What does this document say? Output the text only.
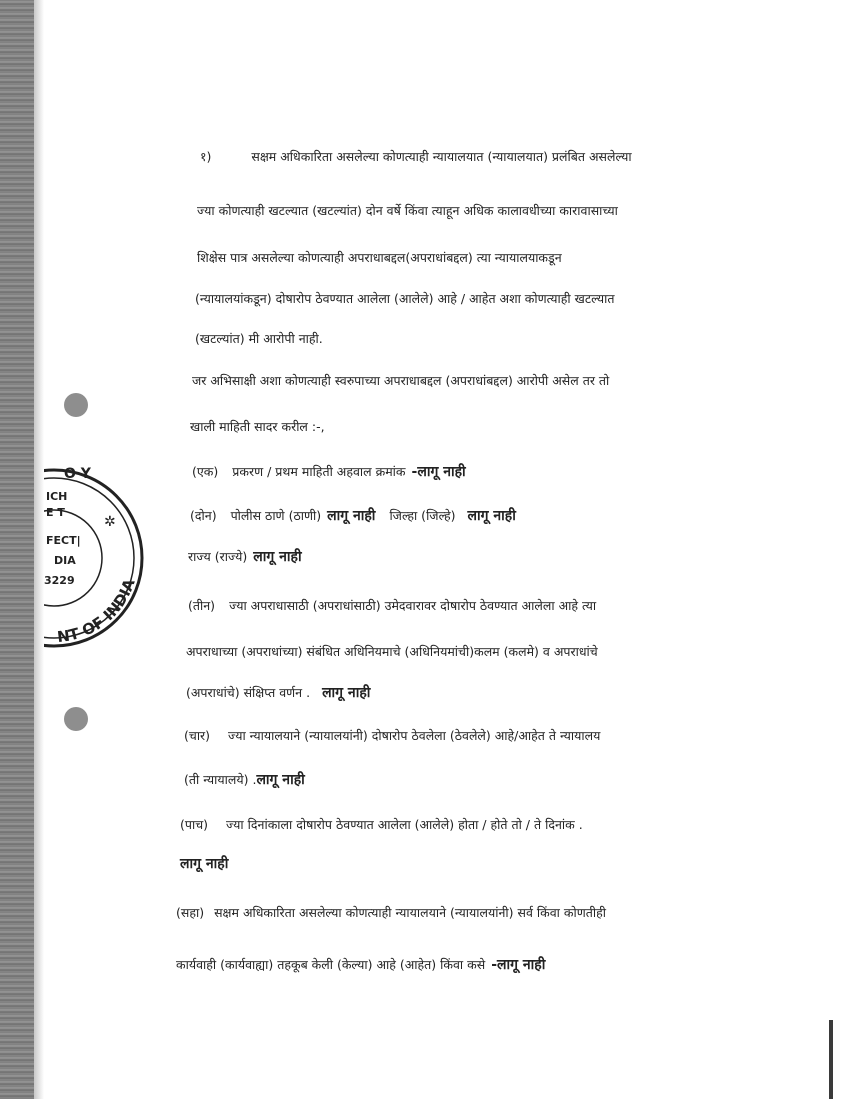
O Y
ICH
E T
FECT|
DIA
3229
✲
NT OF INDIA
१)	सक्षम अधिकारिता असलेल्या कोणत्याही न्यायालयात (न्यायालयात) प्रलंबित असलेल्या
ज्या कोणत्याही खटल्यात (खटल्यांत) दोन वर्षे किंवा त्याहून अधिक कालावधीच्या कारावासाच्या
शिक्षेस पात्र असलेल्या कोणत्याही अपराधाबद्दल(अपराधांबद्दल) त्या न्यायालयाकडून
(न्यायालयांकडून) दोषारोप ठेवण्यात आलेला (आलेले) आहे / आहेत अशा कोणत्याही खटल्यात
(खटल्यांत) मी आरोपी नाही.
जर अभिसाक्षी अशा कोणत्याही स्वरुपाच्या अपराधाबद्दल (अपराधांबद्दल) आरोपी असेल तर तो
खाली माहिती सादर करील :-,
(एक) प्रकरण / प्रथम माहिती अहवाल क्रमांक -लागू नाही
(दोन) पोलीस ठाणे (ठाणी) लागू नाही जिल्हा (जिल्हे) लागू नाही
राज्य (राज्ये) लागू नाही
(तीन) ज्या अपराधासाठी (अपराधांसाठी) उमेदवारावर दोषारोप ठेवण्यात आलेला आहे त्या
अपराधाच्या (अपराधांच्या) संबंधित अधिनियमाचे (अधिनियमांची)कलम (कलमे) व अपराधांचे
(अपराधांचे) संक्षिप्त वर्णन . लागू नाही
(चार) ज्या न्यायालयाने (न्यायालयांनी) दोषारोप ठेवलेला (ठेवलेले) आहे/आहेत ते न्यायालय
(ती न्यायालये) .लागू नाही
(पाच) ज्या दिनांकाला दोषारोप ठेवण्यात आलेला (आलेले) होता / होते तो / ते दिनांक .
लागू नाही
(सहा) सक्षम अधिकारिता असलेल्या कोणत्याही न्यायालयाने (न्यायालयांनी) सर्व किंवा कोणतीही
कार्यवाही (कार्यवाह्या) तहकूब केली (केल्या) आहे (आहेत) किंवा कसे -लागू नाही
